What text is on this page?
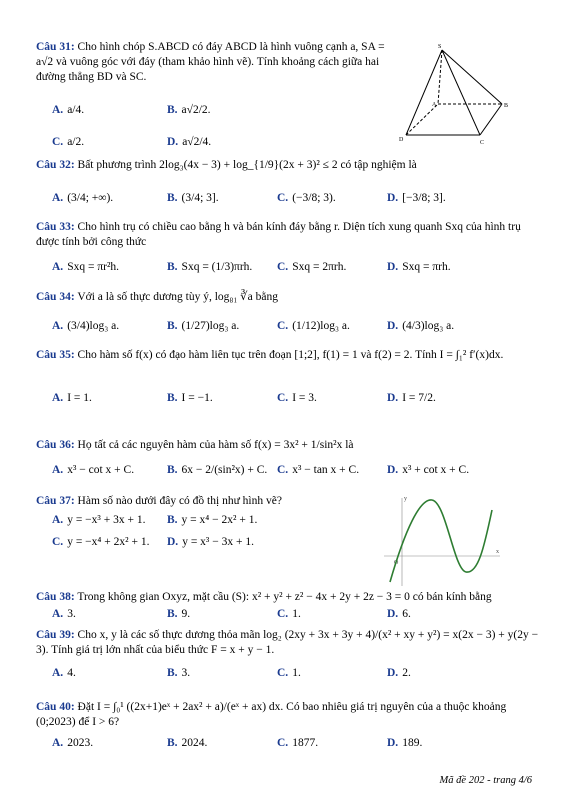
Câu 31: Cho hình chóp S.ABCD có đáy ABCD là hình vuông cạnh a, SA = a√2 và vuông góc với đáy (tham khảo hình vẽ). Tính khoảng cách giữa hai đường thẳng BD và SC.
A. a/4.	B. a√2/2.
C. a/2.	D. a√2/4.
S
A	B
C
D
Câu 32: Bất phương trình 2log₃(4x − 3) + log_{1/9}(2x + 3)² ≤ 2 có tập nghiệm là
A. (3/4; +∞).	B. (3/4; 3].	C. (−3/8; 3).	D. [−3/8; 3].
Câu 33: Cho hình trụ có chiều cao bằng h và bán kính đáy bằng r. Diện tích xung quanh Sxq của hình trụ được tính bởi công thức
A. Sxq = πr²h.	B. Sxq = (1/3)πrh. C. Sxq = 2πrh.	D. Sxq = πrh.
Câu 34: Với a là số thực dương tùy ý, log₈₁ ∛a bằng
A. (3/4)log₃ a.	B. (1/27)log₃ a.	C. (1/12)log₃ a.	D. (4/3)log₃ a.
Câu 35: Cho hàm số f(x) có đạo hàm liên tục trên đoạn [1;2], f(1) = 1 và f(2) = 2. Tính I = ∫₁² f′(x)dx.
A. I = 1.	B. I = −1.	C. I = 3.	D. I = 7/2.
Câu 36: Họ tất cả các nguyên hàm của hàm số f(x) = 3x² + 1/sin²x là
A. x³ − cot x + C.	B. 6x − 2/(sin²x) + C. C. x³ − tan x + C. D. x³ + cot x + C.
Câu 37: Hàm số nào dưới đây có đồ thị như hình vẽ?
A. y = −x³ + 3x + 1. B. y = x⁴ − 2x² + 1.
C. y = −x⁴ + 2x² + 1. D. y = x³ − 3x + 1.
y
x
O
Câu 38: Trong không gian Oxyz, mặt cầu (S): x² + y² + z² − 4x + 2y + 2z − 3 = 0 có bán kính bằng
A. 3.	B. 9.	C. 1.	D. 6.
Câu 39: Cho x, y là các số thực dương thỏa mãn log₂ (2xy + 3x + 3y + 4)/(x² + xy + y²) = x(2x − 3) + y(2y − 3). Tính giá trị lớn nhất của biểu thức F = x + y − 1.
A. 4.	B. 3.	C. 1.	D. 2.
Câu 40: Đặt I = ∫₀¹ ((2x+1)eˣ + 2ax² + a)/(eˣ + ax) dx. Có bao nhiêu giá trị nguyên của a thuộc khoảng (0;2023) để I > 6?
A. 2023.	B. 2024.	C. 1877.	D. 189.
Mã đề 202 - trang 4/6
